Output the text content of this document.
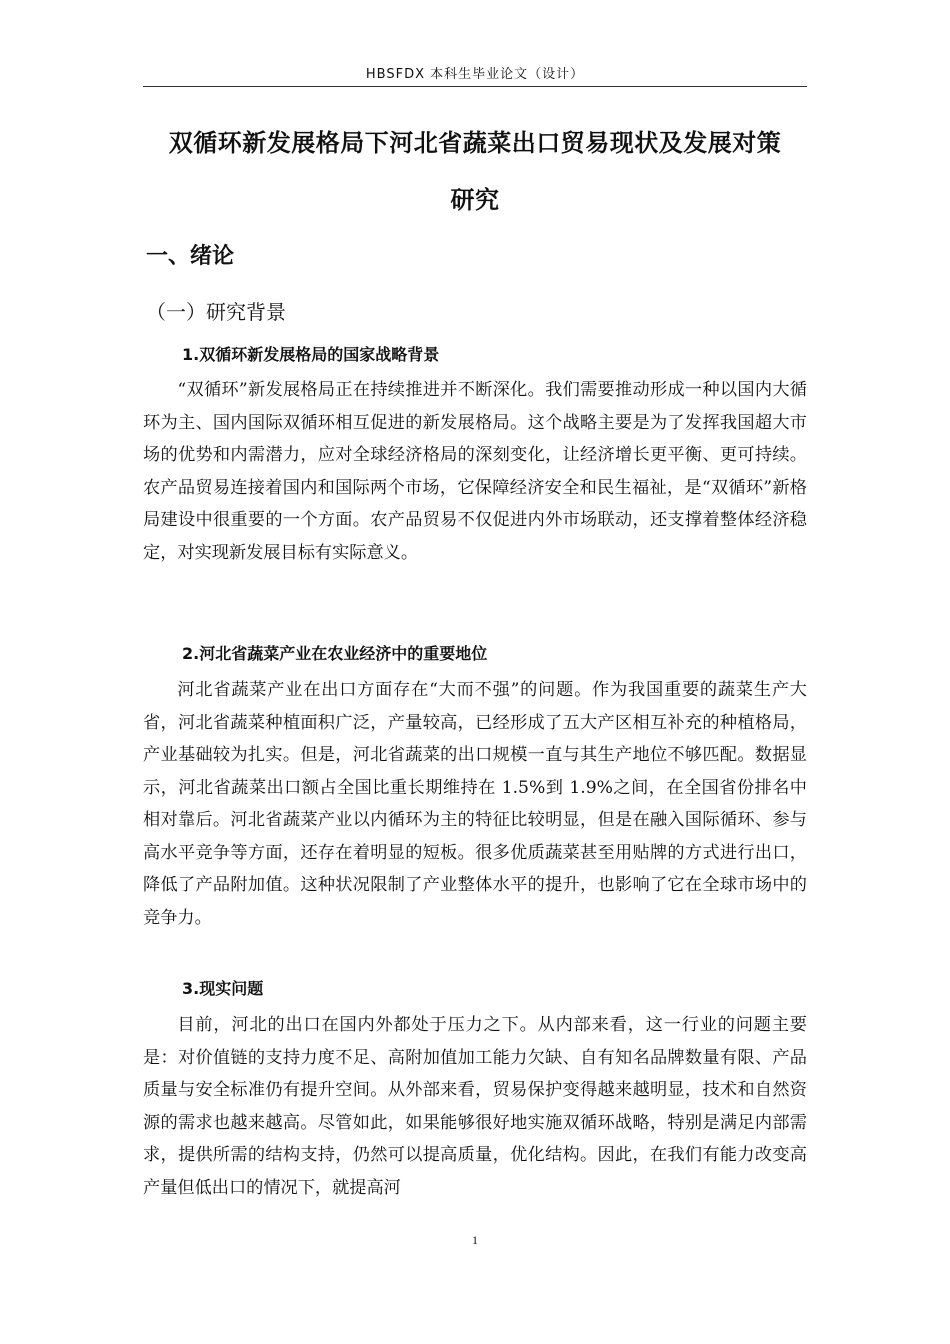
HBSFDX 本科生毕业论文（设计）
双循环新发展格局下河北省蔬菜出口贸易现状及发展对策
研究
一、绪论
（一）研究背景
1.双循环新发展格局的国家战略背景

“双循环”新发展格局正在持续推进并不断深化。我们需要推动形成一种以国内大循环为主、国内国际双循环相互促进的新发展格局。这个战略主要是为了发挥我国超大市场的优势和内需潜力，应对全球经济格局的深刻变化，让经济增长更平衡、更可持续。农产品贸易连接着国内和国际两个市场，它保障经济安全和民生福祉，是“双循环”新格局建设中很重要的一个方面。农产品贸易不仅促进内外市场联动，还支撑着整体经济稳定，对实现新发展目标有实际意义。

2.河北省蔬菜产业在农业经济中的重要地位

河北省蔬菜产业在出口方面存在“大而不强”的问题。作为我国重要的蔬菜生产大省，河北省蔬菜种植面积广泛，产量较高，已经形成了五大产区相互补充的种植格局，产业基础较为扎实。但是，河北省蔬菜的出口规模一直与其生产地位不够匹配。数据显示，河北省蔬菜出口额占全国比重长期维持在 1.5%到 1.9%之间，在全国省份排名中相对靠后。河北省蔬菜产业以内循环为主的特征比较明显，但是在融入国际循环、参与高水平竞争等方面，还存在着明显的短板。很多优质蔬菜甚至用贴牌的方式进行出口，降低了产品附加值。这种状况限制了产业整体水平的提升，也影响了它在全球市场中的竞争力。

3.现实问题

目前，河北的出口在国内外都处于压力之下。从内部来看，这一行业的问题主要是：对价值链的支持力度不足、高附加值加工能力欠缺、自有知名品牌数量有限、产品质量与安全标准仍有提升空间。从外部来看，贸易保护变得越来越明显，技术和自然资源的需求也越来越高。尽管如此，如果能够很好地实施双循环战略，特别是满足内部需求，提供所需的结构支持，仍然可以提高质量，优化结构。因此，在我们有能力改变高产量但低出口的情况下，就提高河

1
